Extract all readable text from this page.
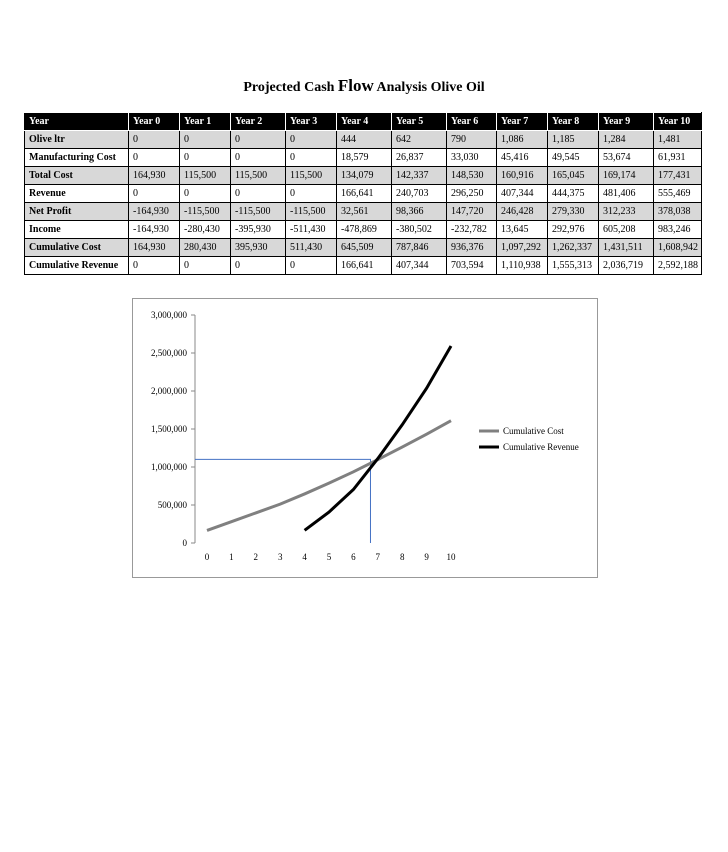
Projected Cash Flow Analysis Olive Oil
Year	Year 0	Year 1	Year 2	Year 3	Year 4	Year 5	Year 6	Year 7	Year 8	Year 9	Year 10
Olive ltr	0	0	0	0	444	642	790	1,086	1,185	1,284	1,481
Manufacturing Cost	0	0	0	0	18,579	26,837	33,030	45,416	49,545	53,674	61,931
Total Cost	164,930	115,500	115,500	115,500	134,079	142,337	148,530	160,916	165,045	169,174	177,431
Revenue	0	0	0	0	166,641	240,703	296,250	407,344	444,375	481,406	555,469
Net Profit	-164,930	-115,500	-115,500	-115,500	32,561	98,366	147,720	246,428	279,330	312,233	378,038
Income	-164,930	-280,430	-395,930	-511,430	-478,869	-380,502	-232,782	13,645	292,976	605,208	983,246
Cumulative Cost	164,930	280,430	395,930	511,430	645,509	787,846	936,376	1,097,292	1,262,337	1,431,511	1,608,942
Cumulative Revenue	0	0	0	0	166,641	407,344	703,594	1,110,938	1,555,313	2,036,719	2,592,188
0
500,000
1,000,000
1,500,000
2,000,000
2,500,000
3,000,000
0 1 2 3 4 5 6 7 8 9 10
Cumulative Cost
Cumulative Revenue
